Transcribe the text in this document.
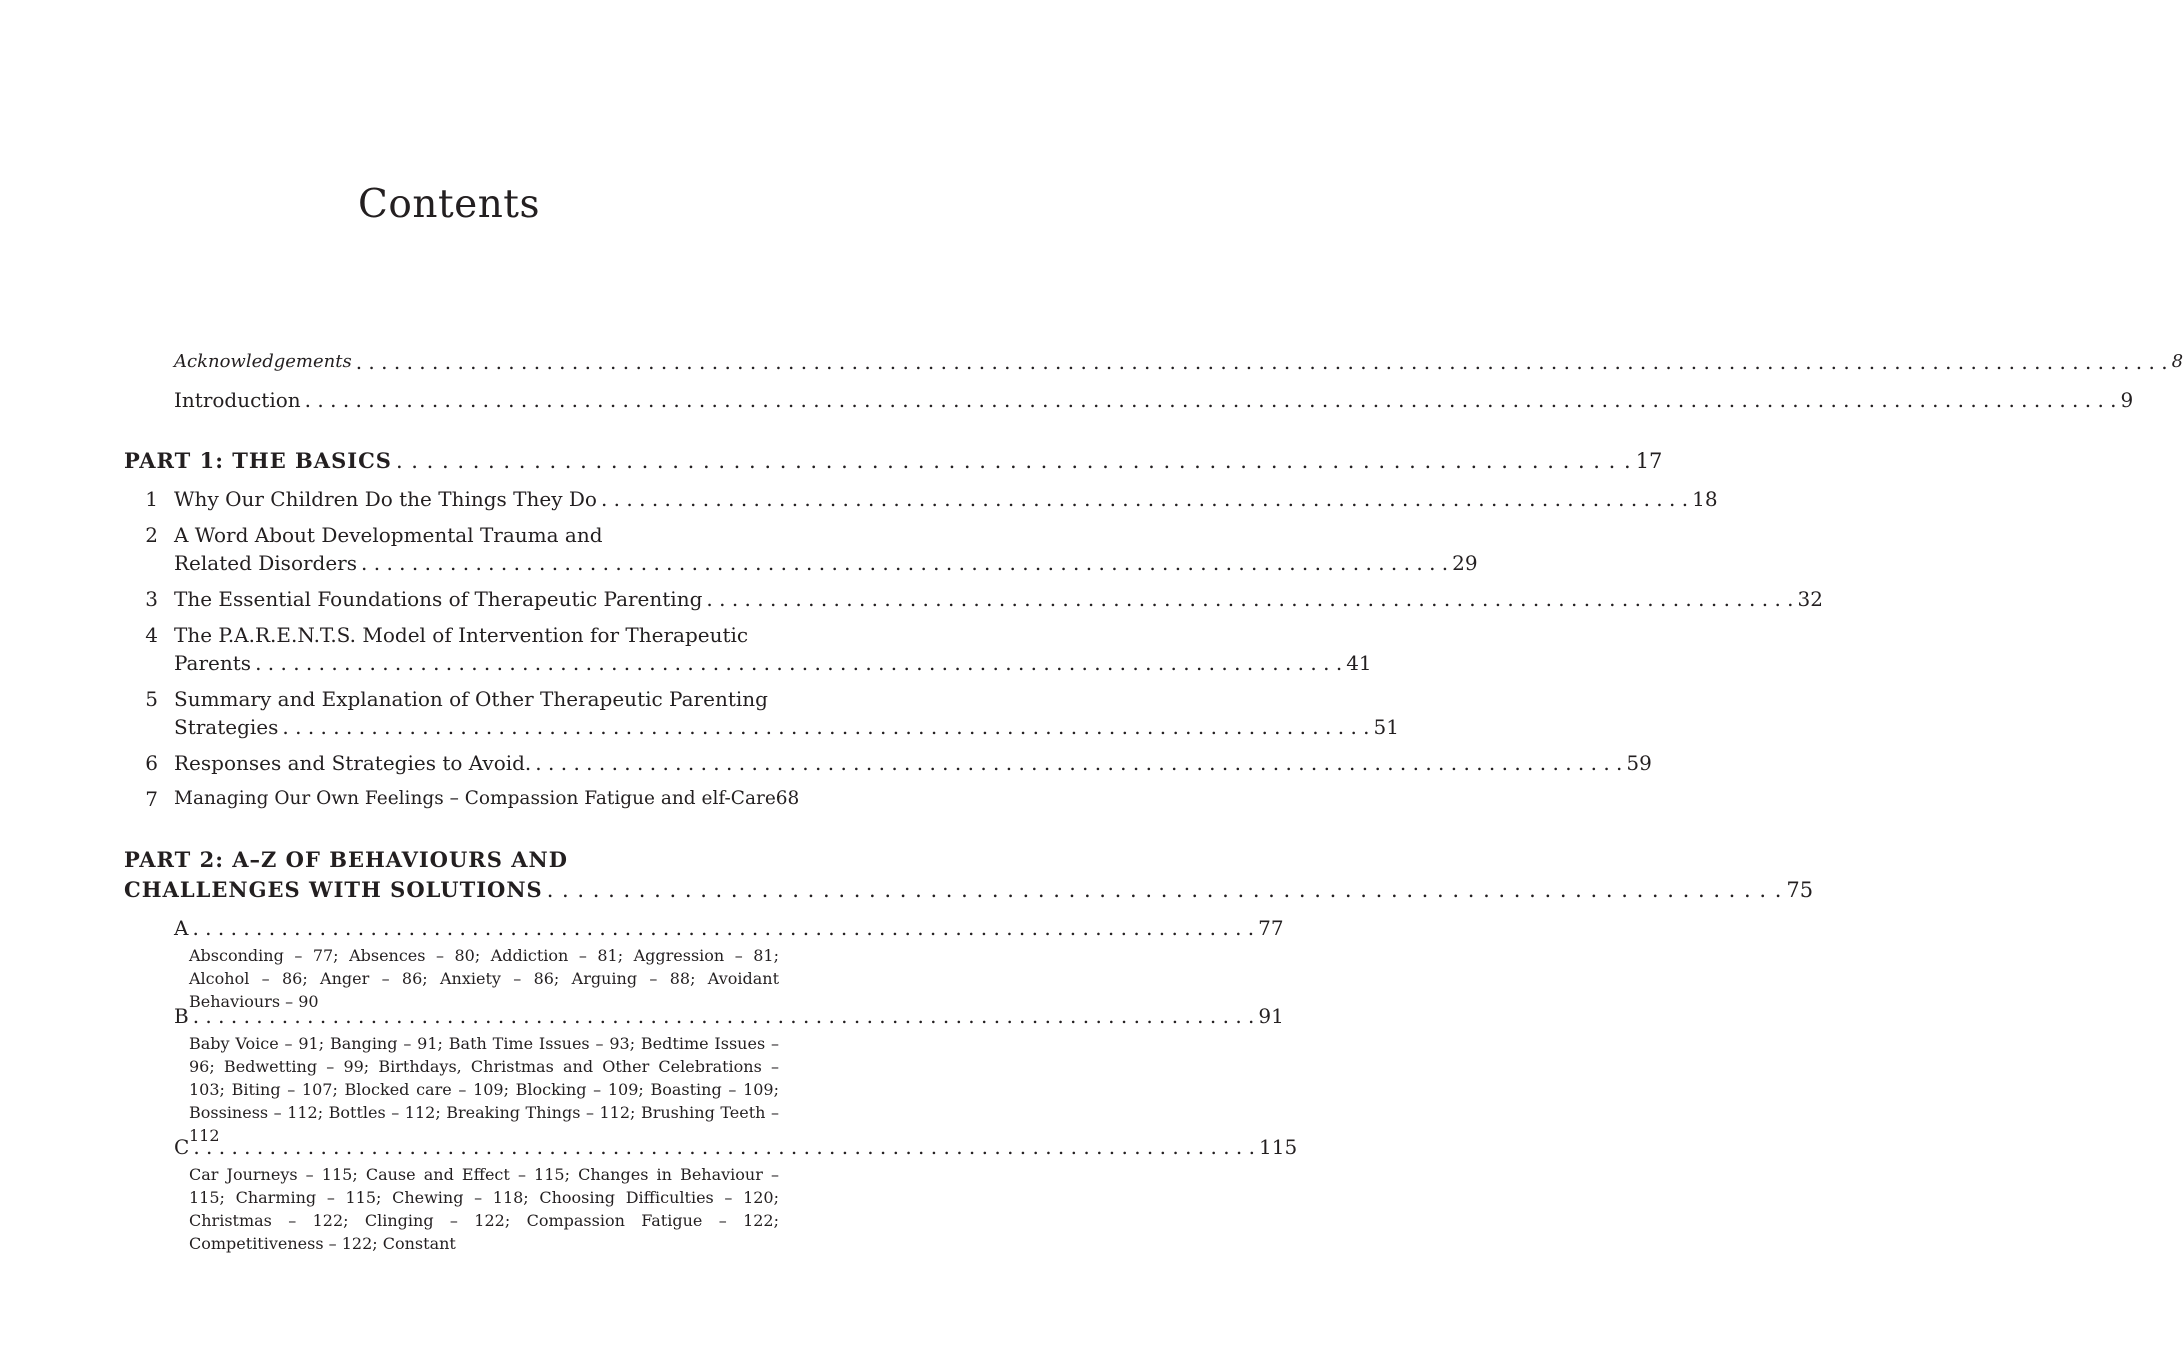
Contents
Acknowledgements . . .	8
Introduction . . .	9
PART 1: THE BASICS . . .	17
1 Why Our Children Do the Things They Do . . .	18
2 A Word About Developmental Trauma and
Related Disorders . . .	29
3 The Essential Foundations of Therapeutic Parenting . . .	32
4 The P.A.R.E.N.T.S. Model of Intervention for Therapeutic
Parents . . .	41
5 Summary and Explanation of Other Therapeutic Parenting
Strategies . . .	51
6 Responses and Strategies to Avoid. . . .	59
7 Managing Our Own Feelings – Compassion Fatigue and elf-Care 68
PART 2: A–Z OF BEHAVIOURS AND
CHALLENGES WITH SOLUTIONS . . .	75
A . . .	77
Absconding – 77; Absences – 80; Addiction – 81; Aggression – 81; Alcohol – 86; Anger – 86; Anxiety – 86; Arguing – 88; Avoidant Behaviours – 90
B . . .	91
Baby Voice – 91; Banging – 91; Bath Time Issues – 93; Bedtime Issues – 96; Bedwetting – 99; Birthdays, Christmas and Other Celebrations – 103; Biting – 107; Blocked care – 109; Blocking – 109; Boasting – 109; Bossiness – 112; Bottles – 112; Breaking Things – 112; Brushing Teeth – 112
C . . .	115
Car Journeys – 115; Cause and Effect – 115; Changes in Behaviour – 115; Charming – 115; Chewing – 118; Choosing Difficulties – 120; Christmas – 122; Clinging – 122; Compassion Fatigue – 122; Competitiveness – 122; Constant
